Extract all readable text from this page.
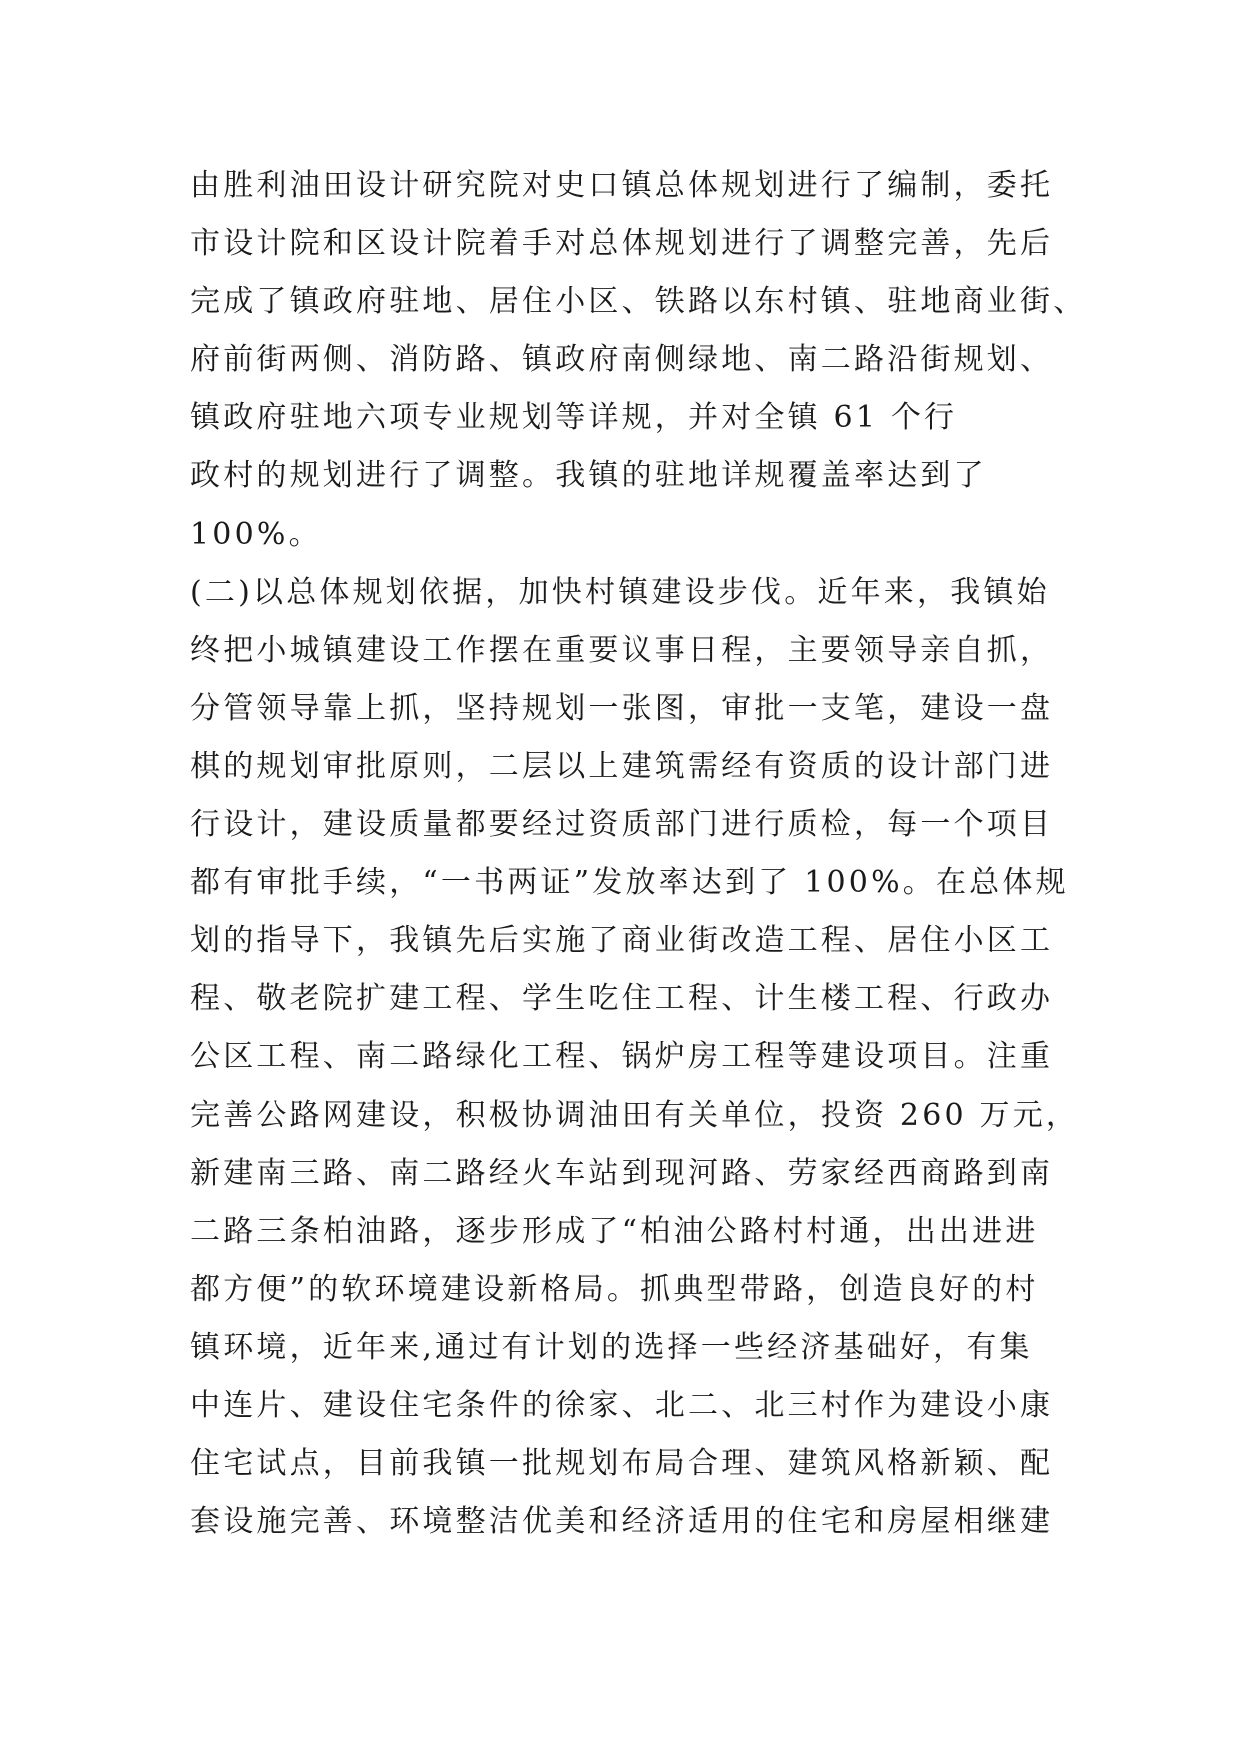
由胜利油田设计研究院对史口镇总体规划进行了编制，委托
市设计院和区设计院着手对总体规划进行了调整完善，先后
完成了镇政府驻地、居住小区、铁路以东村镇、驻地商业街、
府前街两侧、消防路、镇政府南侧绿地、南二路沿街规划、
镇政府驻地六项专业规划等详规，并对全镇 61 个行
政村的规划进行了调整。我镇的驻地详规覆盖率达到了
100%。
(二)以总体规划依据，加快村镇建设步伐。近年来，我镇始
终把小城镇建设工作摆在重要议事日程，主要领导亲自抓，
分管领导靠上抓，坚持规划一张图，审批一支笔，建设一盘
棋的规划审批原则，二层以上建筑需经有资质的设计部门进
行设计，建设质量都要经过资质部门进行质检，每一个项目
都有审批手续，“一书两证”发放率达到了 100%。在总体规
划的指导下，我镇先后实施了商业街改造工程、居住小区工
程、敬老院扩建工程、学生吃住工程、计生楼工程、行政办
公区工程、南二路绿化工程、锅炉房工程等建设项目。注重
完善公路网建设，积极协调油田有关单位，投资 260 万元，
新建南三路、南二路经火车站到现河路、劳家经西商路到南
二路三条柏油路，逐步形成了“柏油公路村村通，出出进进
都方便”的软环境建设新格局。抓典型带路，创造良好的村
镇环境，近年来,通过有计划的选择一些经济基础好，有集
中连片、建设住宅条件的徐家、北二、北三村作为建设小康
住宅试点，目前我镇一批规划布局合理、建筑风格新颖、配
套设施完善、环境整洁优美和经济适用的住宅和房屋相继建
